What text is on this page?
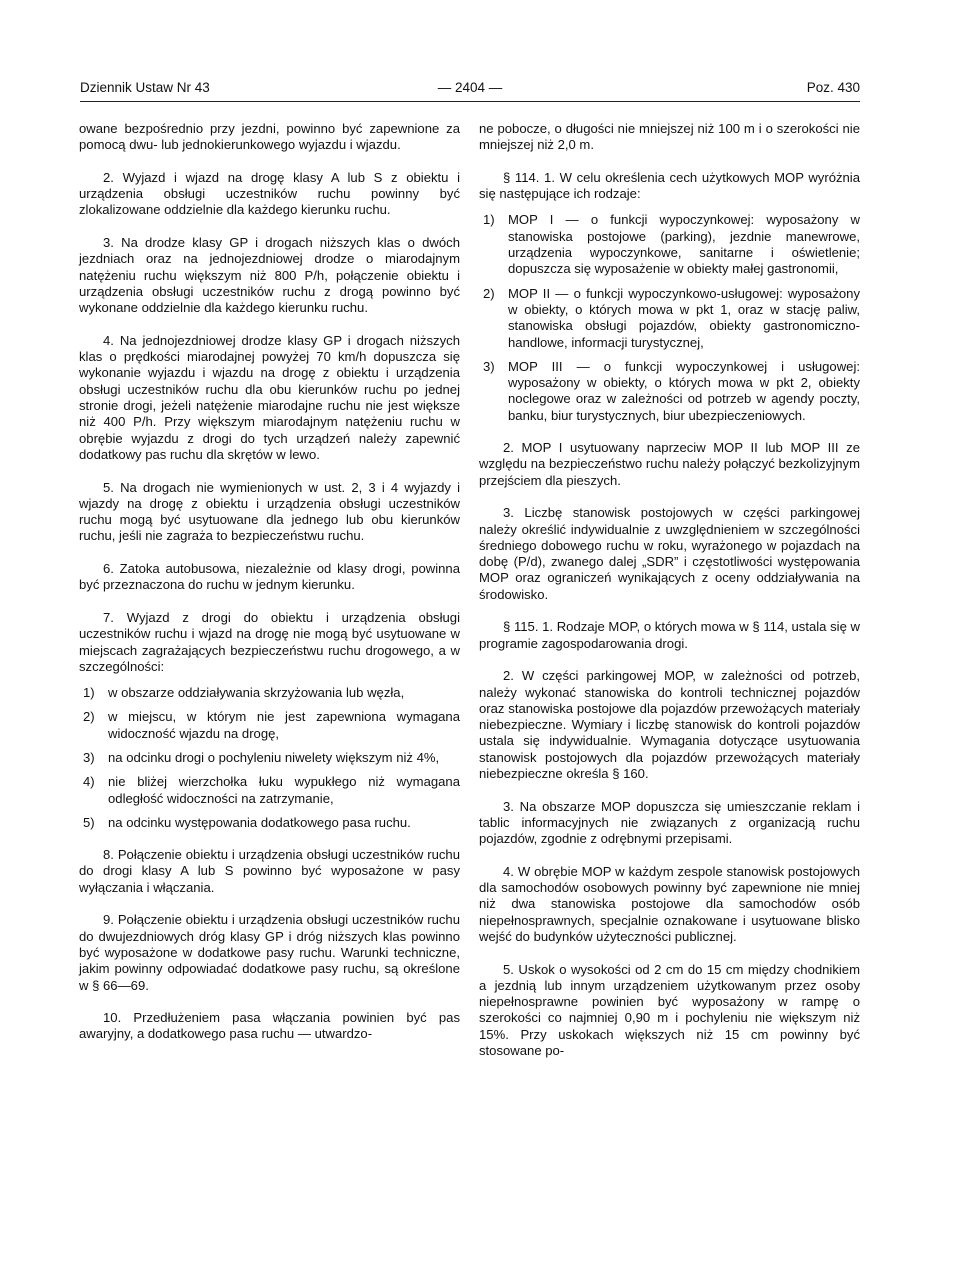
Dziennik Ustaw Nr 43	— 2404 —	Poz. 430

owane bezpośrednio przy jezdni, powinno być zapewnione za pomocą dwu- lub jednokierunkowego wyjazdu i wjazdu.

2. Wyjazd i wjazd na drogę klasy A lub S z obiektu i urządzenia obsługi uczestników ruchu powinny być zlokalizowane oddzielnie dla każdego kierunku ruchu.

3. Na drodze klasy GP i drogach niższych klas o dwóch jezdniach oraz na jednojezdniowej drodze o miarodajnym natężeniu ruchu większym niż 800 P/h, połączenie obiektu i urządzenia obsługi uczestników ruchu z drogą powinno być wykonane oddzielnie dla każdego kierunku ruchu.

4. Na jednojezdniowej drodze klasy GP i drogach niższych klas o prędkości miarodajnej powyżej 70 km/h dopuszcza się wykonanie wyjazdu i wjazdu na drogę z obiektu i urządzenia obsługi uczestników ruchu dla obu kierunków ruchu po jednej stronie drogi, jeżeli natężenie miarodajne ruchu nie jest większe niż 400 P/h. Przy większym miarodajnym natężeniu ruchu w obrębie wyjazdu z drogi do tych urządzeń należy zapewnić dodatkowy pas ruchu dla skrętów w lewo.

5. Na drogach nie wymienionych w ust. 2, 3 i 4 wyjazdy i wjazdy na drogę z obiektu i urządzenia obsługi uczestników ruchu mogą być usytuowane dla jednego lub obu kierunków ruchu, jeśli nie zagraża to bezpieczeństwu ruchu.

6. Zatoka autobusowa, niezależnie od klasy drogi, powinna być przeznaczona do ruchu w jednym kierunku.

7. Wyjazd z drogi do obiektu i urządzenia obsługi uczestników ruchu i wjazd na drogę nie mogą być usytuowane w miejscach zagrażających bezpieczeństwu ruchu drogowego, a w szczególności:

1) w obszarze oddziaływania skrzyżowania lub węzła,
2) w miejscu, w którym nie jest zapewniona wymagana widoczność wjazdu na drogę,
3) na odcinku drogi o pochyleniu niwelety większym niż 4%,
4) nie bliżej wierzchołka łuku wypukłego niż wymagana odległość widoczności na zatrzymanie,
5) na odcinku występowania dodatkowego pasa ruchu.

8. Połączenie obiektu i urządzenia obsługi uczestników ruchu do drogi klasy A lub S powinno być wyposażone w pasy wyłączania i włączania.

9. Połączenie obiektu i urządzenia obsługi uczestników ruchu do dwujezdniowych dróg klasy GP i dróg niższych klas powinno być wyposażone w dodatkowe pasy ruchu. Warunki techniczne, jakim powinny odpowiadać dodatkowe pasy ruchu, są określone w § 66—69.

10. Przedłużeniem pasa włączania powinien być pas awaryjny, a dodatkowego pasa ruchu — utwardzo-

ne pobocze, o długości nie mniejszej niż 100 m i o szerokości nie mniejszej niż 2,0 m.

§ 114. 1. W celu określenia cech użytkowych MOP wyróżnia się następujące ich rodzaje:

1) MOP I — o funkcji wypoczynkowej: wyposażony w stanowiska postojowe (parking), jezdnie manewrowe, urządzenia wypoczynkowe, sanitarne i oświetlenie; dopuszcza się wyposażenie w obiekty małej gastronomii,
2) MOP II — o funkcji wypoczynkowo-usługowej: wyposażony w obiekty, o których mowa w pkt 1, oraz w stację paliw, stanowiska obsługi pojazdów, obiekty gastronomiczno-handlowe, informacji turystycznej,
3) MOP III — o funkcji wypoczynkowej i usługowej: wyposażony w obiekty, o których mowa w pkt 2, obiekty noclegowe oraz w zależności od potrzeb w agendy poczty, banku, biur turystycznych, biur ubezpieczeniowych.

2. MOP I usytuowany naprzeciw MOP II lub MOP III ze względu na bezpieczeństwo ruchu należy połączyć bezkolizyjnym przejściem dla pieszych.

3. Liczbę stanowisk postojowych w części parkingowej należy określić indywidualnie z uwzględnieniem w szczególności średniego dobowego ruchu w roku, wyrażonego w pojazdach na dobę (P/d), zwanego dalej „SDR” i częstotliwości występowania MOP oraz ograniczeń wynikających z oceny oddziaływania na środowisko.

§ 115. 1. Rodzaje MOP, o których mowa w § 114, ustala się w programie zagospodarowania drogi.

2. W części parkingowej MOP, w zależności od potrzeb, należy wykonać stanowiska do kontroli technicznej pojazdów oraz stanowiska postojowe dla pojazdów przewożących materiały niebezpieczne. Wymiary i liczbę stanowisk do kontroli pojazdów ustala się indywidualnie. Wymagania dotyczące usytuowania stanowisk postojowych dla pojazdów przewożących materiały niebezpieczne określa § 160.

3. Na obszarze MOP dopuszcza się umieszczanie reklam i tablic informacyjnych nie związanych z organizacją ruchu pojazdów, zgodnie z odrębnymi przepisami.

4. W obrębie MOP w każdym zespole stanowisk postojowych dla samochodów osobowych powinny być zapewnione nie mniej niż dwa stanowiska postojowe dla samochodów osób niepełnosprawnych, specjalnie oznakowane i usytuowane blisko wejść do budynków użyteczności publicznej.

5. Uskok o wysokości od 2 cm do 15 cm między chodnikiem a jezdnią lub innym urządzeniem użytkowanym przez osoby niepełnosprawne powinien być wyposażony w rampę o szerokości co najmniej 0,90 m i pochyleniu nie większym niż 15%. Przy uskokach większych niż 15 cm powinny być stosowane po-
